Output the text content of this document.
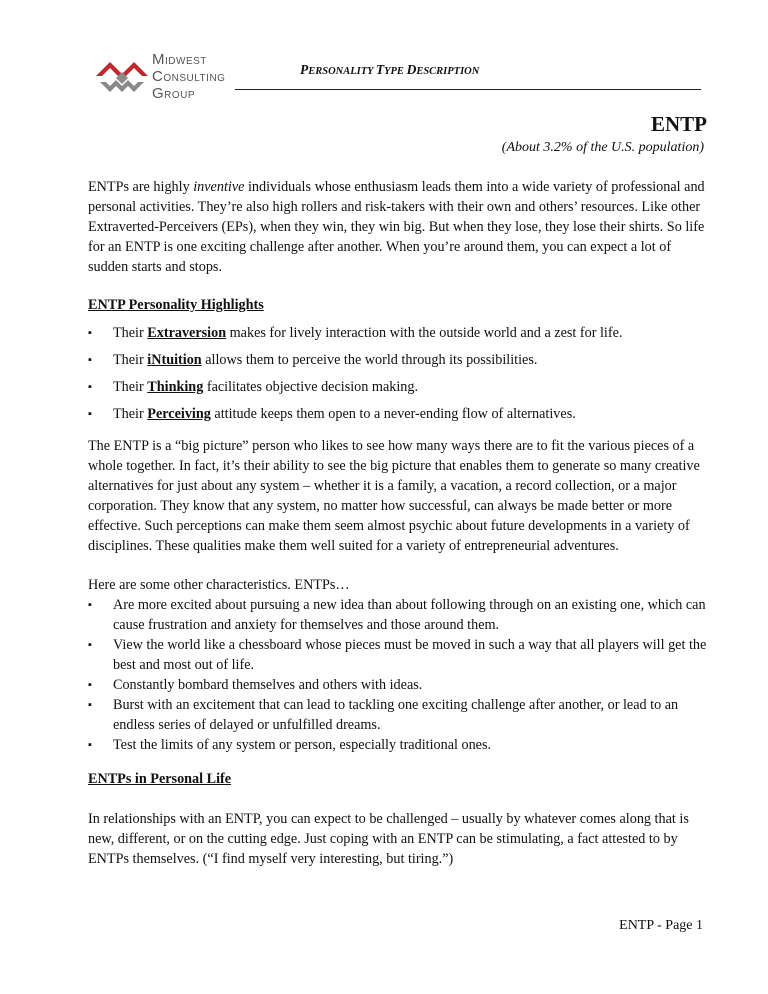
MIDWEST
CONSULTING
GROUP
PERSONALITY TYPE DESCRIPTION
ENTP
(About 3.2% of the U.S. population)

ENTPs are highly inventive individuals whose enthusiasm leads them into a wide variety of professional and personal activities. They’re also high rollers and risk-takers with their own and others’ resources. Like other Extraverted-Perceivers (EPs), when they win, they win big. But when they lose, they lose their shirts. So life for an ENTP is one exciting challenge after another. When you’re around them, you can expect a lot of sudden starts and stops.

ENTP Personality Highlights

▪ Their Extraversion makes for lively interaction with the outside world and a zest for life.
▪ Their iNtuition allows them to perceive the world through its possibilities.
▪ Their Thinking facilitates objective decision making.
▪ Their Perceiving attitude keeps them open to a never-ending flow of alternatives.

The ENTP is a “big picture” person who likes to see how many ways there are to fit the various pieces of a whole together. In fact, it’s their ability to see the big picture that enables them to generate so many creative alternatives for just about any system – whether it is a family, a vacation, a record collection, or a major corporation. They know that any system, no matter how successful, can always be made better or more effective. Such perceptions can make them seem almost psychic about future developments in a variety of disciplines. These qualities make them well suited for a variety of entrepreneurial adventures.

Here are some other characteristics. ENTPs…

▪ Are more excited about pursuing a new idea than about following through on an existing one, which can cause frustration and anxiety for themselves and those around them.
▪ View the world like a chessboard whose pieces must be moved in such a way that all players will get the best and most out of life.
▪ Constantly bombard themselves and others with ideas.
▪ Burst with an excitement that can lead to tackling one exciting challenge after another, or lead to an endless series of delayed or unfulfilled dreams.
▪ Test the limits of any system or person, especially traditional ones.

ENTPs in Personal Life

In relationships with an ENTP, you can expect to be challenged – usually by whatever comes along that is new, different, or on the cutting edge. Just coping with an ENTP can be stimulating, a fact attested to by ENTPs themselves. (“I find myself very interesting, but tiring.”)

ENTP - Page 1
